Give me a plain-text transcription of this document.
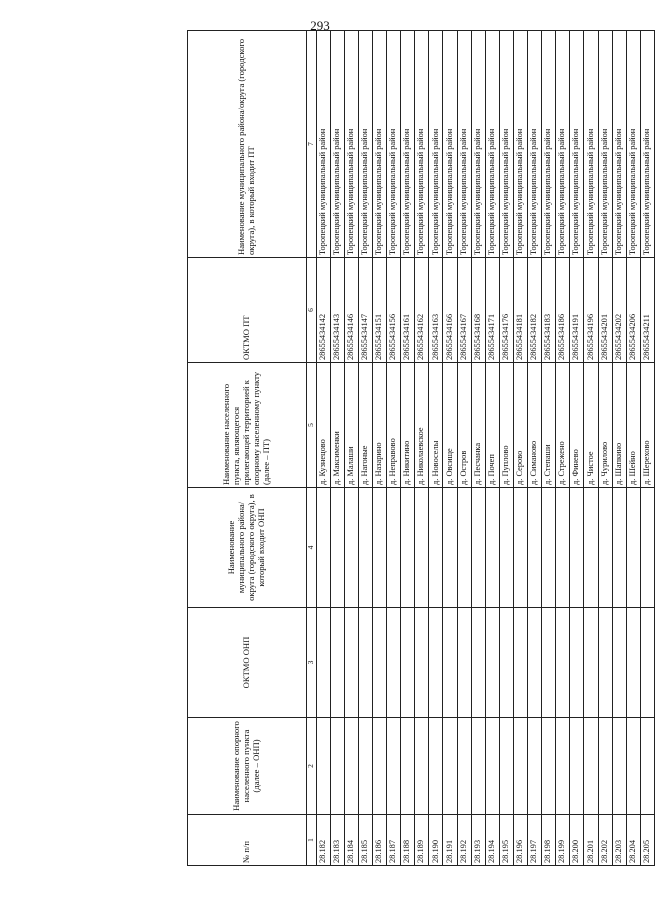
293
№ п/п	Наименование опорного населенного пункта (далее – ОНП)	ОКТМО ОНП	Наименование муниципального района/округа (городского округа), в который входит ОНП	Наименование населенного пункта, являющегося прилегающей территорией к опорному населенному пункту (далее – ПТ)	ОКТМО ПТ	Наименование муниципального района/округа (городского округа), в который входит ПТ
1	2	3	4	5	6	7
28.182				д. Кузнецово	28655434142	Торопецкий муниципальный район
28.183				д. Максименки	28655434143	Торопецкий муниципальный район
28.184				д. Малаши	28655434146	Торопецкий муниципальный район
28.185				д. Нагоные	28655434147	Торопецкий муниципальный район
28.186				д. Назарино	28655434151	Торопецкий муниципальный район
28.187				д. Неправово	28655434156	Торопецкий муниципальный район
28.188				д. Никитино	28655434161	Торопецкий муниципальный район
28.189				д. Николаевское	28655434162	Торопецкий муниципальный район
28.190				д. Новоселы	28655434163	Торопецкий муниципальный район
28.191				д. Овсище	28655434166	Торопецкий муниципальный район
28.192				д. Остров	28655434167	Торопецкий муниципальный район
28.193				д. Песчанка	28655434168	Торопецкий муниципальный район
28.194				д. Почеп	28655434171	Торопецкий муниципальный район
28.195				д. Пуплово	28655434176	Торопецкий муниципальный район
28.196				д. Серово	28655434181	Торопецкий муниципальный район
28.197				д. Симаново	28655434182	Торопецкий муниципальный район
28.198				д. Степаши	28655434183	Торопецкий муниципальный район
28.199				д. Стрежено	28655434186	Торопецкий муниципальный район
28.200				д. Финево	28655434191	Торопецкий муниципальный район
28.201				д. Чистое	28655434196	Торопецкий муниципальный район
28.202				д. Чурилово	28655434201	Торопецкий муниципальный район
28.203				д. Шапкино	28655434202	Торопецкий муниципальный район
28.204				д. Шейно	28655434206	Торопецкий муниципальный район
28.205				д. Шерехово	28655434211	Торопецкий муниципальный район
